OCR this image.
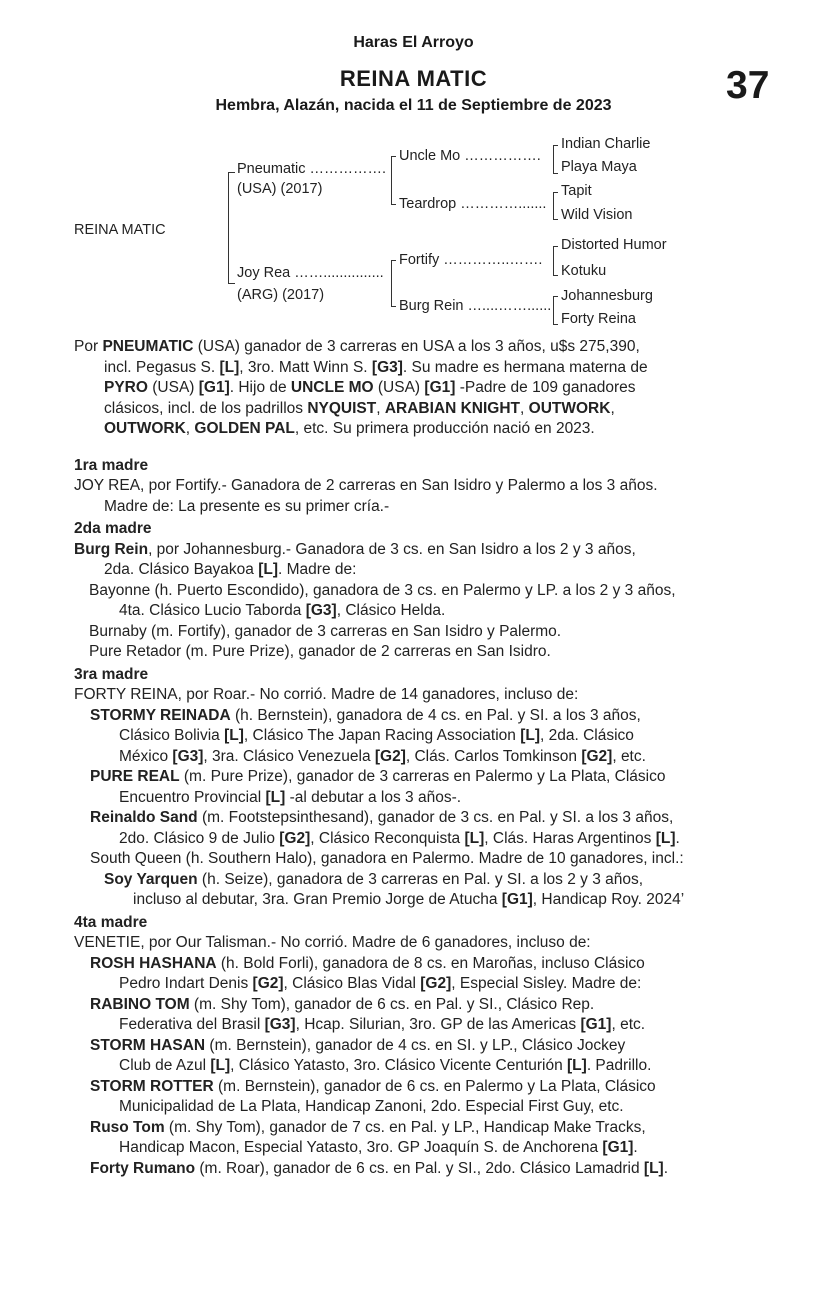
Haras El Arroyo
REINA MATIC
Hembra, Alazán, nacida el 11 de Septiembre de 2023	37
REINA MATIC
Pneumatic …………….
(USA) (2017)
Joy Rea ……...............
(ARG) (2017)
Uncle Mo …………….
Teardrop ………….......
Fortify …………..…….
Burg Rein …....……......
Indian Charlie
Playa Maya
Tapit
Wild Vision
Distorted Humor
Kotuku
Johannesburg
Forty Reina
Por PNEUMATIC (USA) ganador de 3 carreras en USA a los 3 años, u$s 275,390,
incl. Pegasus S. [L], 3ro. Matt Winn S. [G3]. Su madre es hermana materna de
PYRO (USA) [G1]. Hijo de UNCLE MO (USA) [G1] -Padre de 109 ganadores
clásicos, incl. de los padrillos NYQUIST, ARABIAN KNIGHT, OUTWORK,
OUTWORK, GOLDEN PAL, etc. Su primera producción nació en 2023.
1ra madre
JOY REA, por Fortify.- Ganadora de 2 carreras en San Isidro y Palermo a los 3 años.
Madre de: La presente es su primer cría.-
2da madre
Burg Rein, por Johannesburg.- Ganadora de 3 cs. en San Isidro a los 2 y 3 años,
2da. Clásico Bayakoa [L]. Madre de:
Bayonne (h. Puerto Escondido), ganadora de 3 cs. en Palermo y LP. a los 2 y 3 años,
4ta. Clásico Lucio Taborda [G3], Clásico Helda.
Burnaby (m. Fortify), ganador de 3 carreras en San Isidro y Palermo.
Pure Retador (m. Pure Prize), ganador de 2 carreras en San Isidro.
3ra madre
FORTY REINA, por Roar.- No corrió. Madre de 14 ganadores, incluso de:
STORMY REINADA (h. Bernstein), ganadora de 4 cs. en Pal. y SI. a los 3 años,
Clásico Bolivia [L], Clásico The Japan Racing Association [L], 2da. Clásico
México [G3], 3ra. Clásico Venezuela [G2], Clás. Carlos Tomkinson [G2], etc.
PURE REAL (m. Pure Prize), ganador de 3 carreras en Palermo y La Plata, Clásico
Encuentro Provincial [L] -al debutar a los 3 años-.
Reinaldo Sand (m. Footstepsinthesand), ganador de 3 cs. en Pal. y SI. a los 3 años,
2do. Clásico 9 de Julio [G2], Clásico Reconquista [L], Clás. Haras Argentinos [L].
South Queen (h. Southern Halo), ganadora en Palermo. Madre de 10 ganadores, incl.:
Soy Yarquen (h. Seize), ganadora de 3 carreras en Pal. y SI. a los 2 y 3 años,
incluso al debutar, 3ra. Gran Premio Jorge de Atucha [G1], Handicap Roy. 2024’
4ta madre
VENETIE, por Our Talisman.- No corrió. Madre de 6 ganadores, incluso de:
ROSH HASHANA (h. Bold Forli), ganadora de 8 cs. en Maroñas, incluso Clásico
Pedro Indart Denis [G2], Clásico Blas Vidal [G2], Especial Sisley. Madre de:
RABINO TOM (m. Shy Tom), ganador de 6 cs. en Pal. y SI., Clásico Rep.
Federativa del Brasil [G3], Hcap. Silurian, 3ro. GP de las Americas [G1], etc.
STORM HASAN (m. Bernstein), ganador de 4 cs. en SI. y LP., Clásico Jockey
Club de Azul [L], Clásico Yatasto, 3ro. Clásico Vicente Centurión [L]. Padrillo.
STORM ROTTER (m. Bernstein), ganador de 6 cs. en Palermo y La Plata, Clásico
Municipalidad de La Plata, Handicap Zanoni, 2do. Especial First Guy, etc.
Ruso Tom (m. Shy Tom), ganador de 7 cs. en Pal. y LP., Handicap Make Tracks,
Handicap Macon, Especial Yatasto, 3ro. GP Joaquín S. de Anchorena [G1].
Forty Rumano (m. Roar), ganador de 6 cs. en Pal. y SI., 2do. Clásico Lamadrid [L].
